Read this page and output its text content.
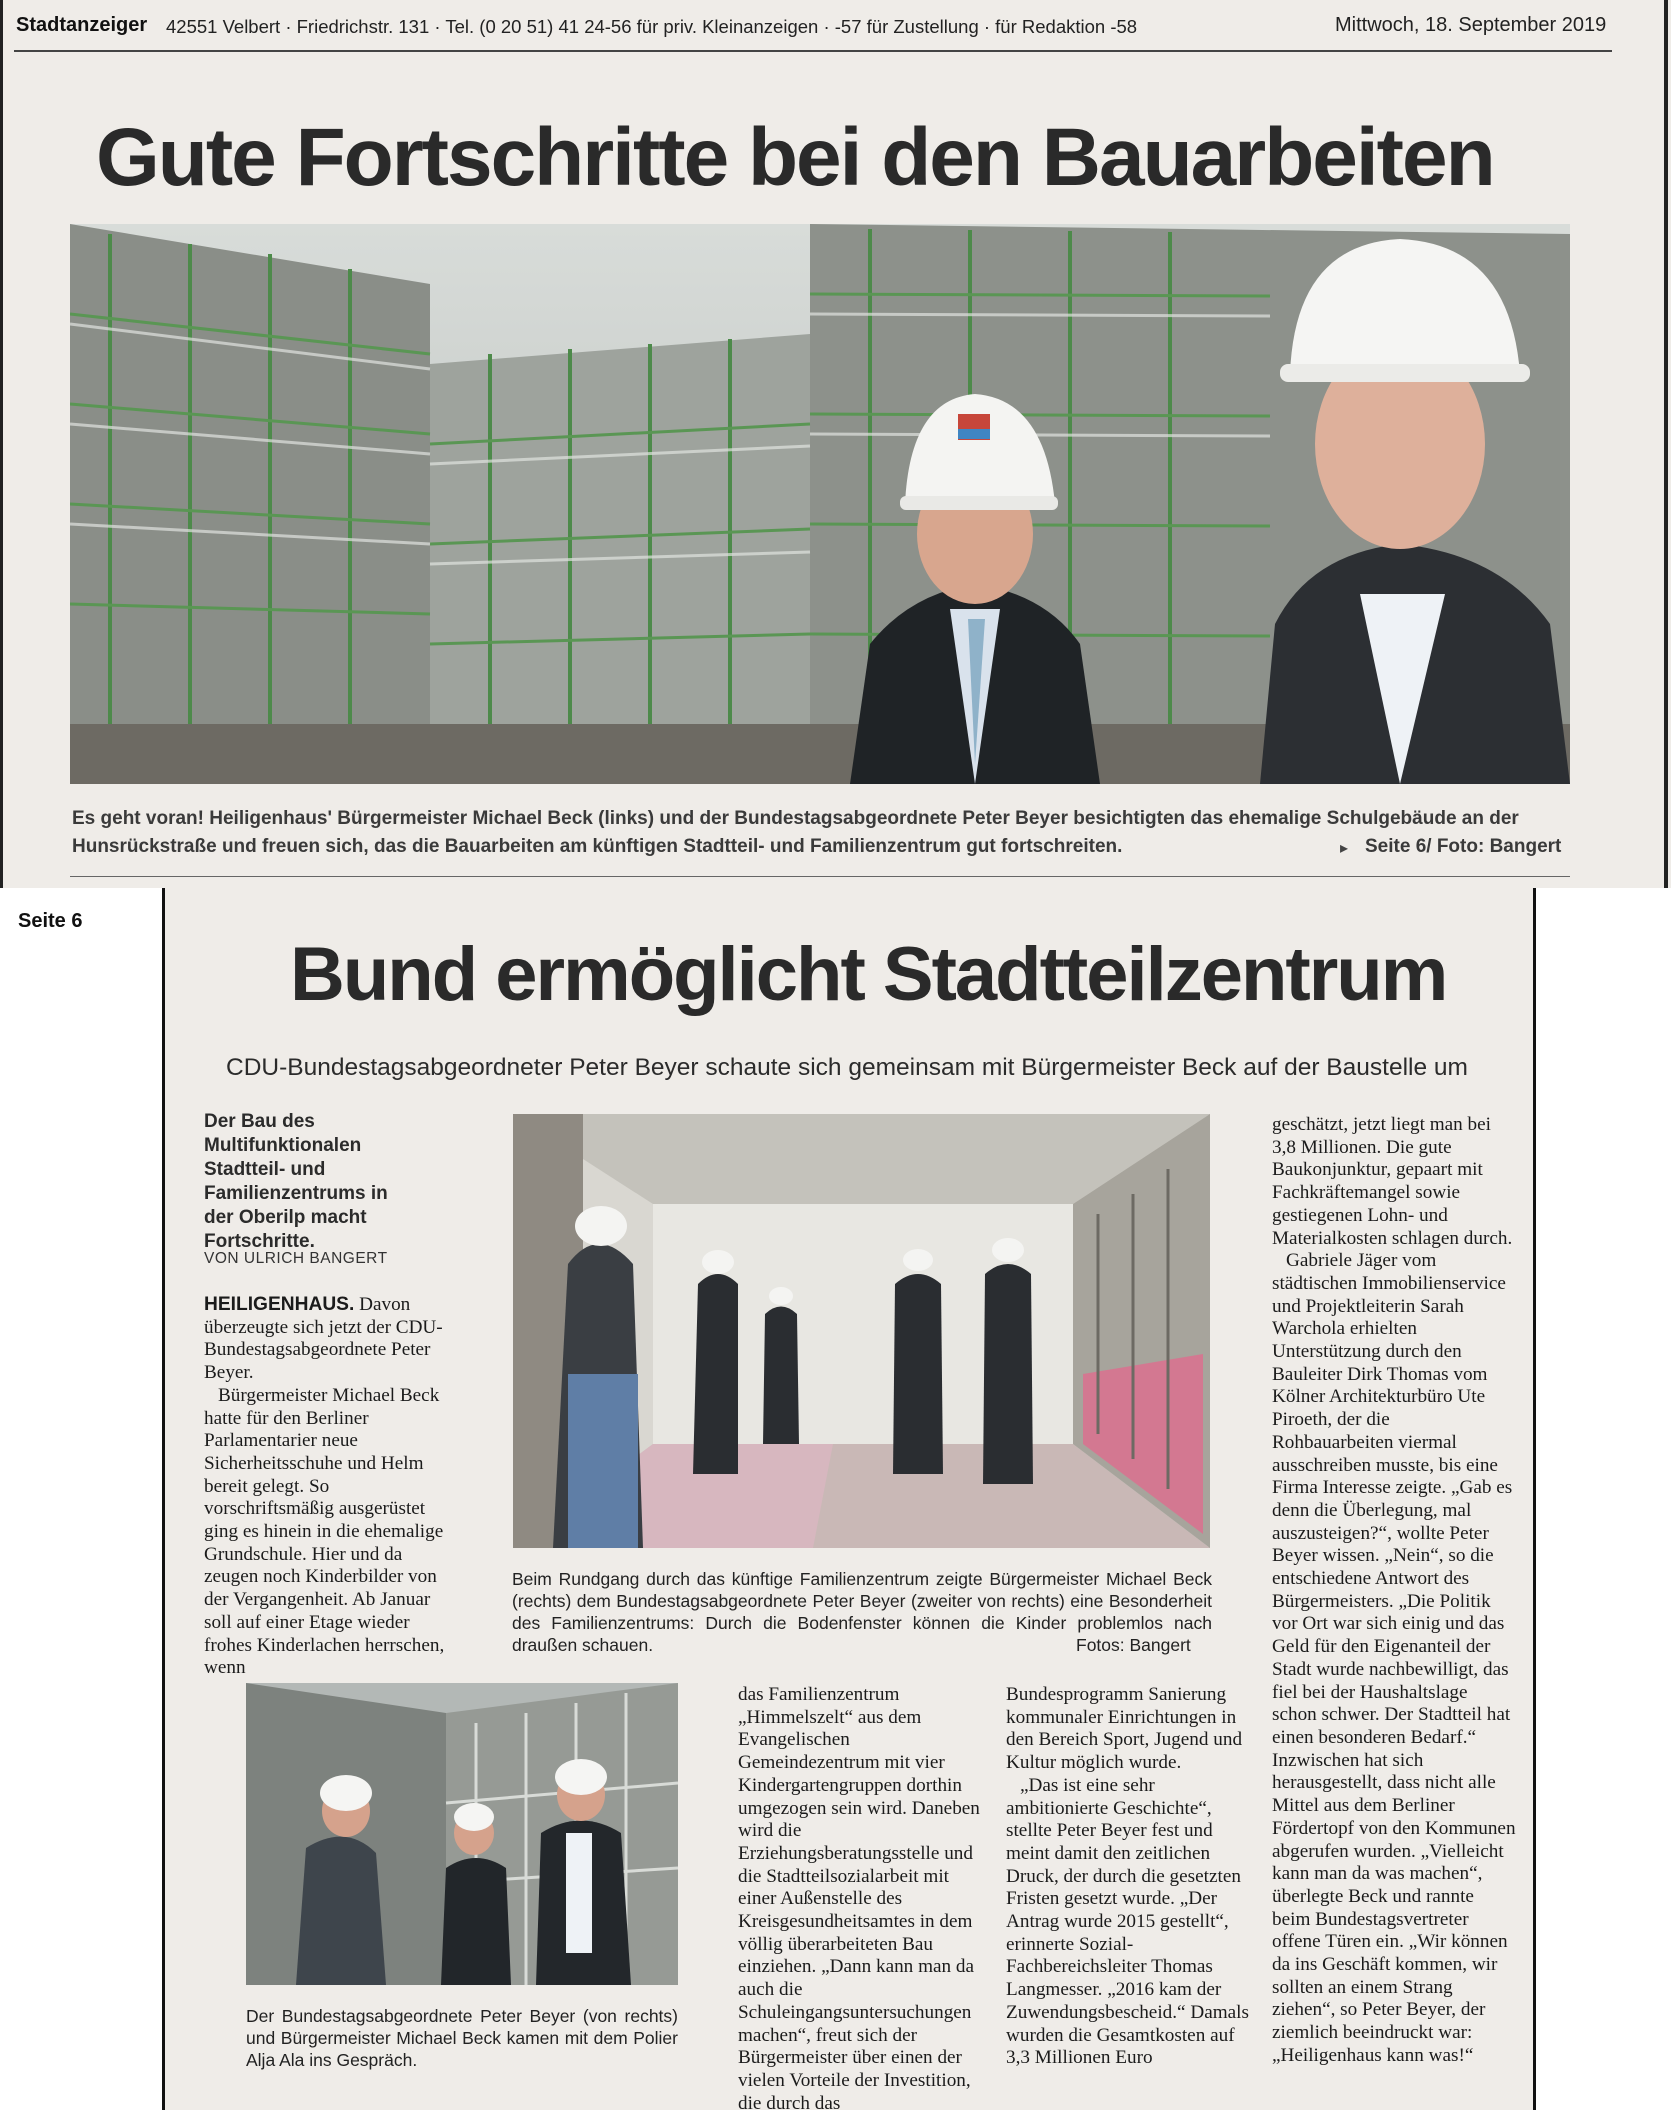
Stadtanzeiger 42551 Velbert · Friedrichstr. 131 · Tel. (0 20 51) 41 24-56 für priv. Kleinanzeigen · -57 für Zustellung · für Redaktion -58	Mittwoch, 18. September 2019
Gute Fortschritte bei den Bauarbeiten
Es geht voran! Heiligenhaus' Bürgermeister Michael Beck (links) und der Bundestagsabgeordnete Peter Beyer besichtigten das ehemalige Schulgebäude an der
Hunsrückstraße und freuen sich, das die Bauarbeiten am künftigen Stadtteil- und Familienzentrum gut fortschreiten.	▸ Seite 6/ Foto: Bangert
Seite 6
Bund ermöglicht Stadtteilzentrum
CDU-Bundestagsabgeordneter Peter Beyer schaute sich gemeinsam mit Bürgermeister Beck auf der Baustelle um
Der Bau des Multifunktionalen Stadtteil- und Familienzentrums in der Oberilp macht Fortschritte.
VON ULRICH BANGERT

HEILIGENHAUS. Davon überzeugte sich jetzt der CDU-Bundestagsabgeordnete Peter Beyer.

Bürgermeister Michael Beck hatte für den Berliner Parlamentarier neue Sicherheitsschuhe und Helm bereit gelegt. So vorschriftsmäßig ausgerüstet ging es hinein in die ehemalige Grundschule. Hier und da zeugen noch Kinderbilder von der Vergangenheit. Ab Januar soll auf einer Etage wieder frohes Kinderlachen herrschen, wenn

Beim Rundgang durch das künftige Familienzentrum zeigte Bürgermeister Michael Beck (rechts) dem Bundestagsabgeordnete Peter Beyer (zweiter von rechts) eine Besonderheit des Familienzentrums: Durch die Bodenfenster können die Kinder problemlos nach draußen schauen.	Fotos: Bangert
Der Bundestagsabgeordnete Peter Beyer (von rechts) und Bürgermeister Michael Beck kamen mit dem Polier Alja Ala ins Gespräch.

das Familienzentrum „Himmelszelt“ aus dem Evangelischen Gemeindezentrum mit vier Kindergartengruppen dorthin umgezogen sein wird. Daneben wird die Erziehungsberatungsstelle und die Stadtteilsozialarbeit mit einer Außenstelle des Kreisgesundheitsamtes in dem völlig überarbeiteten Bau einziehen. „Dann kann man da auch die Schuleingangsuntersuchungen machen“, freut sich der Bürgermeister über einen der vielen Vorteile der Investition, die durch das

Bundesprogramm Sanierung kommunaler Einrichtungen in den Bereich Sport, Jugend und Kultur möglich wurde.

„Das ist eine sehr ambitionierte Geschichte“, stellte Peter Beyer fest und meint damit den zeitlichen Druck, der durch die gesetzten Fristen gesetzt wurde. „Der Antrag wurde 2015 gestellt“, erinnerte Sozial-Fachbereichsleiter Thomas Langmesser. „2016 kam der Zuwendungsbescheid.“ Damals wurden die Gesamtkosten auf 3,3 Millionen Euro

geschätzt, jetzt liegt man bei 3,8 Millionen. Die gute Baukonjunktur, gepaart mit Fachkräftemangel sowie gestiegenen Lohn- und Materialkosten schlagen durch.

Gabriele Jäger vom städtischen Immobilienservice und Projektleiterin Sarah Warchola erhielten Unterstützung durch den Bauleiter Dirk Thomas vom Kölner Architekturbüro Ute Piroeth, der die Rohbauarbeiten viermal ausschreiben musste, bis eine Firma Interesse zeigte. „Gab es denn die Überlegung, mal auszusteigen?“, wollte Peter Beyer wissen. „Nein“, so die entschiedene Antwort des Bürgermeisters. „Die Politik vor Ort war sich einig und das Geld für den Eigenanteil der Stadt wurde nachbewilligt, das fiel bei der Haushaltslage schon schwer. Der Stadtteil hat einen besonderen Bedarf.“ Inzwischen hat sich herausgestellt, dass nicht alle Mittel aus dem Berliner Fördertopf von den Kommunen abgerufen wurden. „Vielleicht kann man da was machen“, überlegte Beck und rannte beim Bundestagsvertreter offene Türen ein. „Wir können da ins Geschäft kommen, wir sollten an einem Strang ziehen“, so Peter Beyer, der ziemlich beeindruckt war: „Heiligenhaus kann was!“
